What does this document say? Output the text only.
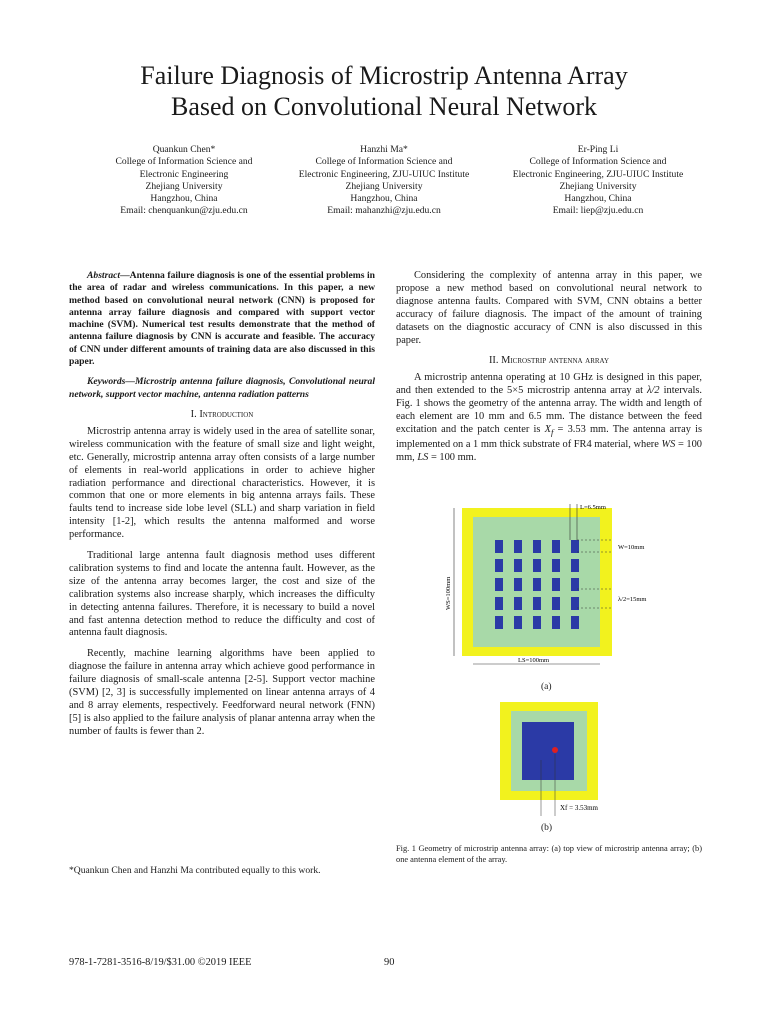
Failure Diagnosis of Microstrip Antenna Array
Based on Convolutional Neural Network
Quankun Chen*
College of Information Science and
Electronic Engineering
Zhejiang University
Hangzhou, China
Email: chenquankun@zju.edu.cn
Hanzhi Ma*
College of Information Science and
Electronic Engineering, ZJU-UIUC Institute
Zhejiang University
Hangzhou, China
Email: mahanzhi@zju.edu.cn
Er-Ping Li
College of Information Science and
Electronic Engineering, ZJU-UIUC Institute
Zhejiang University
Hangzhou, China
Email: liep@zju.edu.cn

Abstract—Antenna failure diagnosis is one of the essential problems in the area of radar and wireless communications. In this paper, a new method based on convolutional neural network (CNN) is proposed for antenna array failure diagnosis and compared with support vector machine (SVM). Numerical test results demonstrate that the method of antenna failure diagnosis by CNN is accurate and feasible. The accuracy of CNN under different amounts of training data are also discussed in this paper.

Keywords—Microstrip antenna failure diagnosis, Convolutional neural network, support vector machine, antenna radiation patterns

I. Introduction

Microstrip antenna array is widely used in the area of satellite sonar, wireless communication with the feature of small size and light weight, etc. Generally, microstrip antenna array often consists of a large number of elements in real-world applications in order to achieve higher radiation performance and directional characteristics. However, it is common that one or more elements in big antenna arrays fails. These faults tend to increase side lobe level (SLL) and sharp variation in field intensity [1-2], which results the antenna malformed and worse performance.

Traditional large antenna fault diagnosis method uses different calibration systems to find and locate the antenna fault. However, as the size of the antenna array becomes larger, the cost and size of the calibration systems also increase sharply, which increases the difficulty in detecting antenna failures. Therefore, it is necessary to build a novel and fast antenna detection method to reduce the difficulty and cost of antenna fault diagnosis.

Recently, machine learning algorithms have been applied to diagnose the failure in antenna array which achieve good performance in failure diagnosis of small-scale antenna [2-5]. Support vector machine (SVM) [2, 3] is successfully implemented on linear antenna arrays of 4 and 8 array elements, respectively. Feedforward neural network (FNN) [5] is also applied to the failure analysis of planar antenna array when the number of faults is fewer than 2.

Considering the complexity of antenna array in this paper, we propose a new method based on convolutional neural network to diagnose antenna faults. Compared with SVM, CNN obtains a better accuracy of failure diagnosis. The impact of the amount of training datasets on the diagnostic accuracy of CNN is also discussed in this paper.

II. Microstrip antenna array

A microstrip antenna operating at 10 GHz is designed in this paper, and then extended to the 5×5 microstrip antenna array at λ/2 intervals. Fig. 1 shows the geometry of the antenna array. The width and length of each element are 10 mm and 6.5 mm. The distance between the feed excitation and the patch center is $X_f = 3.53$ mm. The antenna array is implemented on a 1 mm thick substrate of FR4 material, where WS = 100 mm, LS = 100 mm.

L=6.5mm
W=10mm
λ/2=15mm
WS=100mm
LS=100mm
(a)
Xf = 3.53mm
(b)
Fig. 1 Geometry of microstrip antenna array: (a) top view of microstrip antenna array; (b) one antenna element of the array.
*Quankun Chen and Hanzhi Ma contributed equally to this work.
978-1-7281-3516-8/19/$31.00 ©2019 IEEE	90
